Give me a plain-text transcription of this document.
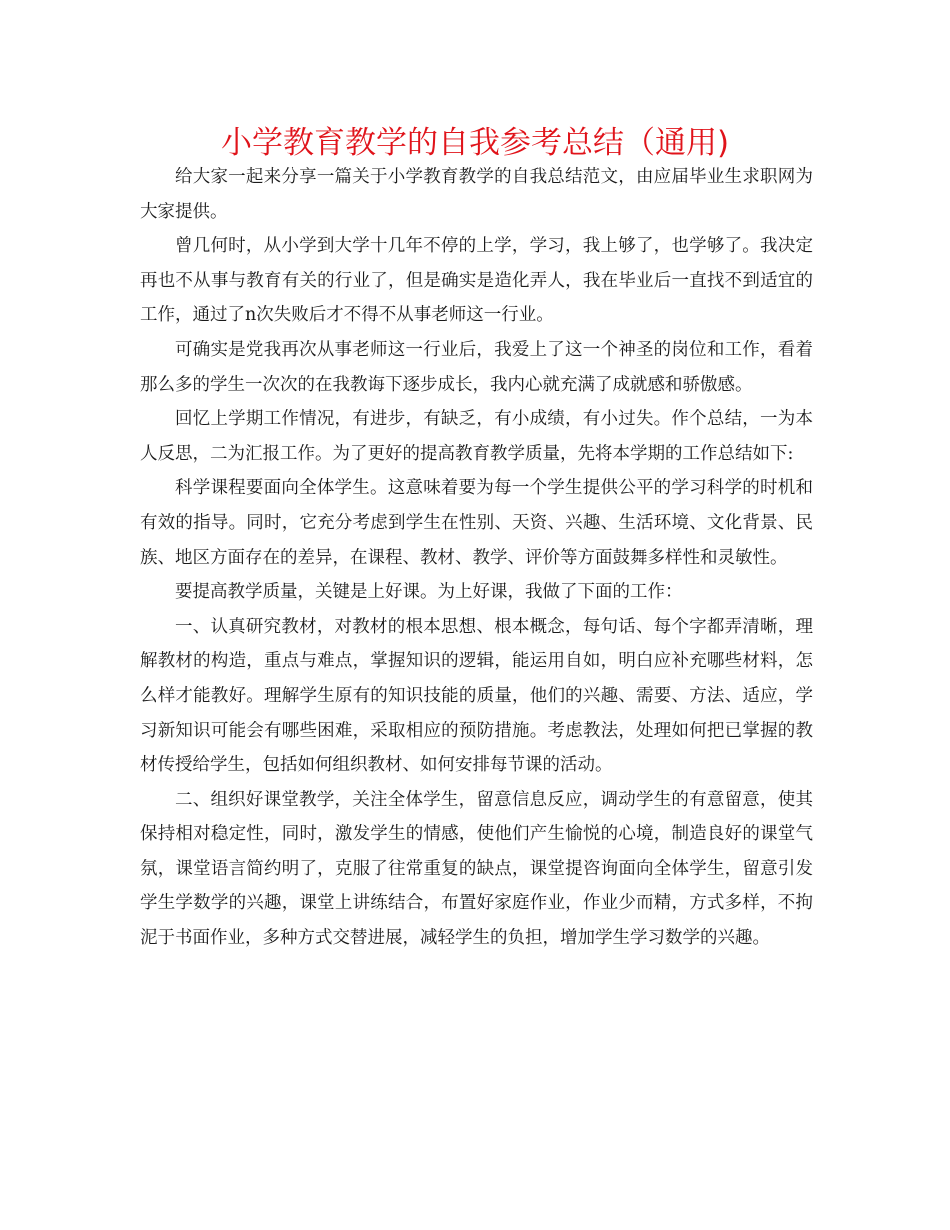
小学教育教学的自我参考总结（通用)

给大家一起来分享一篇关于小学教育教学的自我总结范文，由应届毕业生求职网为大家提供。

曾几何时，从小学到大学十几年不停的上学，学习，我上够了，也学够了。我决定再也不从事与教育有关的行业了，但是确实是造化弄人，我在毕业后一直找不到适宜的工作，通过了n次失败后才不得不从事老师这一行业。

可确实是党我再次从事老师这一行业后，我爱上了这一个神圣的岗位和工作，看着那么多的学生一次次的在我教诲下逐步成长，我内心就充满了成就感和骄傲感。

回忆上学期工作情况，有进步，有缺乏，有小成绩，有小过失。作个总结，一为本人反思，二为汇报工作。为了更好的提高教育教学质量，先将本学期的工作总结如下:

科学课程要面向全体学生。这意味着要为每一个学生提供公平的学习科学的时机和有效的指导。同时，它充分考虑到学生在性别、天资、兴趣、生活环境、文化背景、民族、地区方面存在的差异，在课程、教材、教学、评价等方面鼓舞多样性和灵敏性。

要提高教学质量，关键是上好课。为上好课，我做了下面的工作：

一、认真研究教材，对教材的根本思想、根本概念，每句话、每个字都弄清晰，理解教材的构造，重点与难点，掌握知识的逻辑，能运用自如，明白应补充哪些材料，怎么样才能教好。理解学生原有的知识技能的质量，他们的兴趣、需要、方法、适应，学习新知识可能会有哪些困难，采取相应的预防措施。考虑教法，处理如何把已掌握的教材传授给学生，包括如何组织教材、如何安排每节课的活动。

二、组织好课堂教学，关注全体学生，留意信息反应，调动学生的有意留意，使其保持相对稳定性，同时，激发学生的情感，使他们产生愉悦的心境，制造良好的课堂气氛，课堂语言简约明了，克服了往常重复的缺点，课堂提咨询面向全体学生，留意引发学生学数学的兴趣，课堂上讲练结合，布置好家庭作业，作业少而精，方式多样，不拘泥于书面作业，多种方式交替进展，减轻学生的负担，增加学生学习数学的兴趣。
